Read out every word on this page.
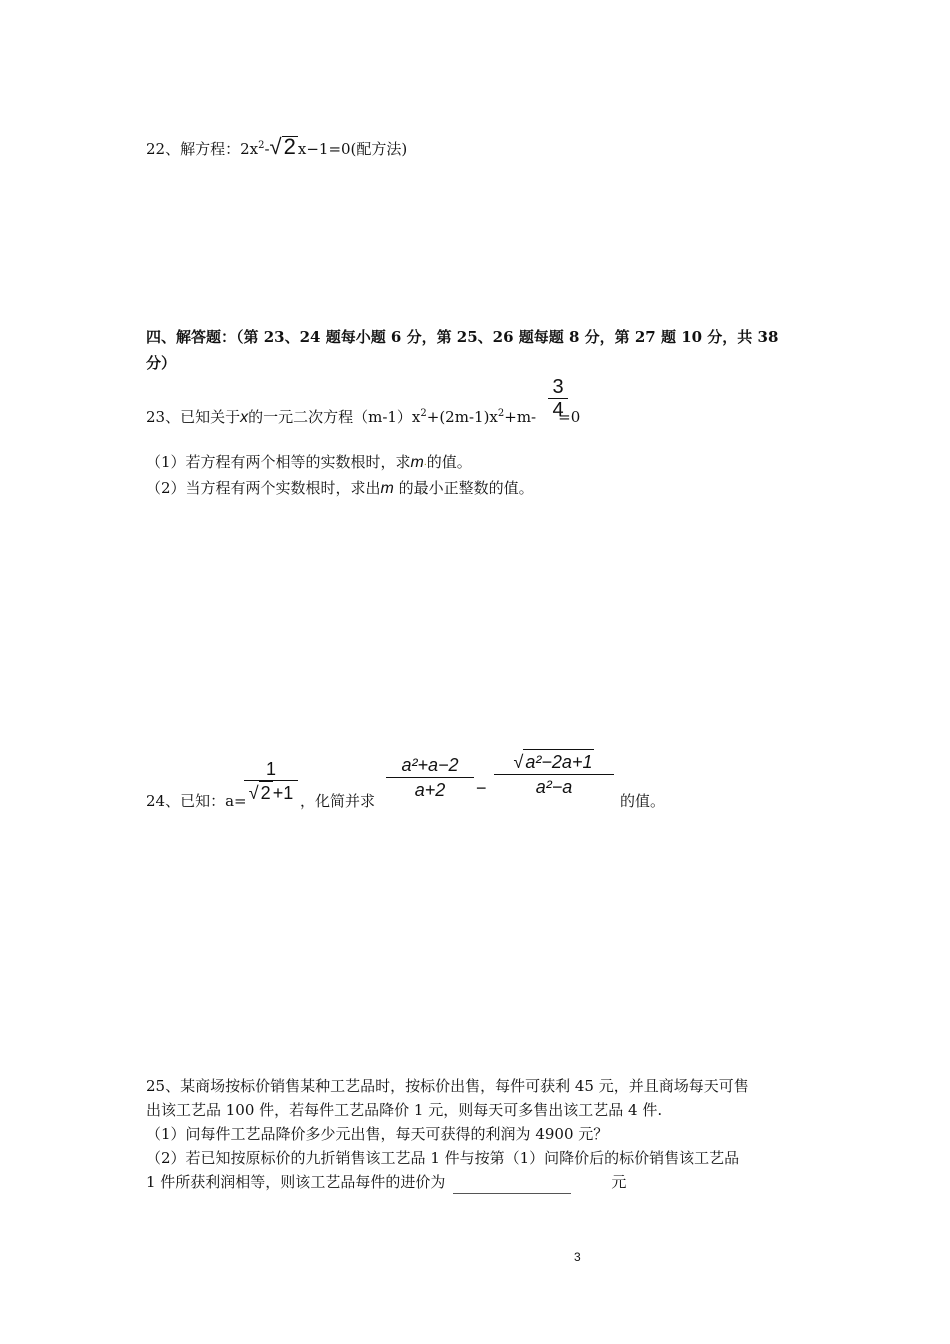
22、解方程：$2x^2-√2$ x−1=0(配方法)
四、解答题：（第 23、24 题每小题 6 分，第 25、26 题每题 8 分，第 27 题 10 分，共 38
分）
3
4
23、已知关于x的一元二次方程$(m-1)x^2+(2m-1)x^2+m- =0$
（1）若方程有两个相等的实数根时，求m.的值。
（2）当方程有两个实数根时，求出m 的最小正整数的值。
24、已知：a=
1
√ 2 +1 ，化简并求
a²+a−2
a+2	−
√ a²−2a+1
a²−a
的值。
25、某商场按标价销售某种工艺品时，按标价出售，每件可获利 45 元，并且商场每天可售
出该工艺品 100 件，若每件工艺品降价 1 元，则每天可多售出该工艺品 4 件.
（1）问每件工艺品降价多少元出售，每天可获得的利润为 4900 元？
（2）若已知按原标价的九折销售该工艺品 1 件与按第（1）问降价后的标价销售该工艺品
1 件所获利润相等，则该工艺品每件的进价为	元
3
